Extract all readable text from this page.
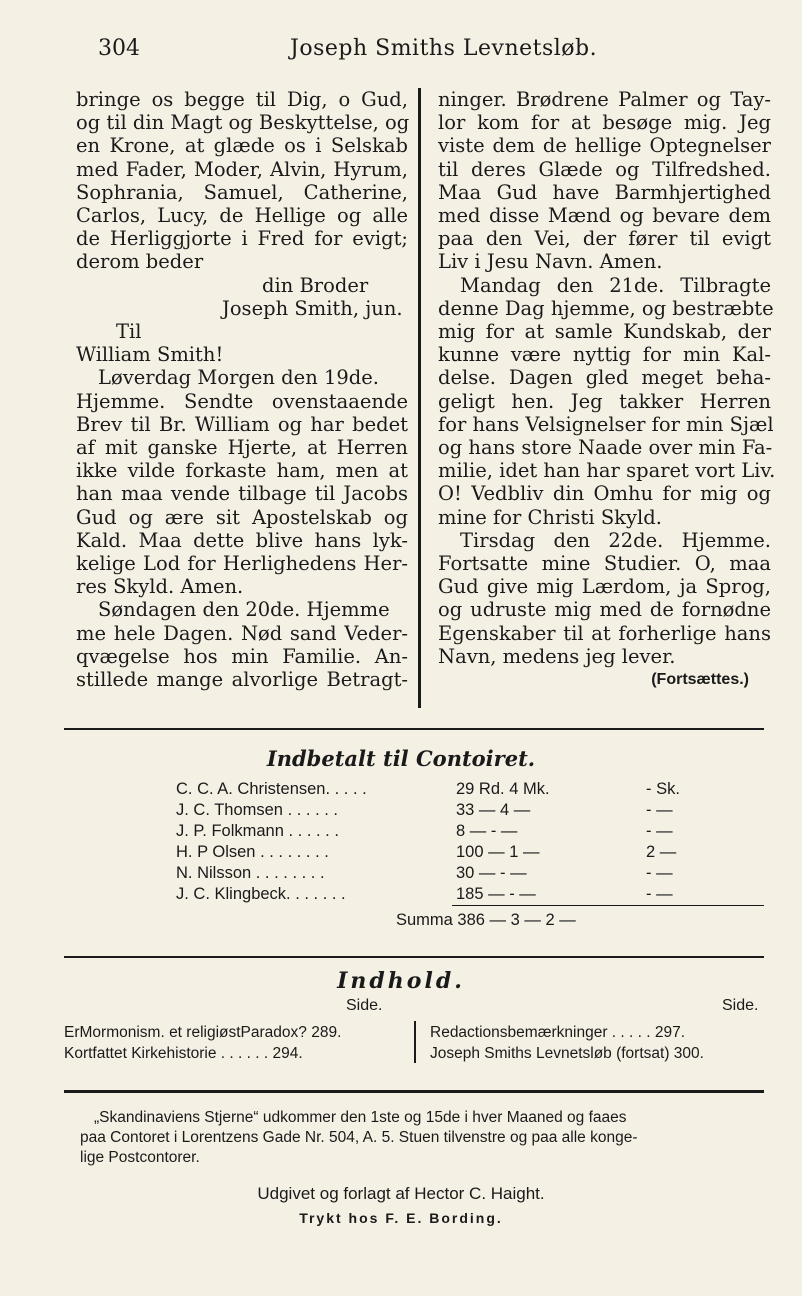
304	Joseph Smiths Levnetsløb.
bringe os begge til Dig, o Gud,
og til din Magt og Beskyttelse, og
en Krone, at glæde os i Selskab
med Fader, Moder, Alvin, Hyrum,
Sophrania, Samuel, Catherine,
Carlos, Lucy, de Hellige og alle
de Herliggjorte i Fred for evigt;
derom beder
din Broder
Joseph Smith, jun.
Til
William Smith!
Løverdag Morgen den 19de.
Hjemme. Sendte ovenstaaende
Brev til Br. William og har bedet
af mit ganske Hjerte, at Herren
ikke vilde forkaste ham, men at
han maa vende tilbage til Jacobs
Gud og ære sit Apostelskab og
Kald. Maa dette blive hans lyk-
kelige Lod for Herlighedens Her-
res Skyld. Amen.
Søndagen den 20de. Hjemme
me hele Dagen. Nød sand Veder-
qvægelse hos min Familie. An-
stillede mange alvorlige Betragt-
ninger. Brødrene Palmer og Tay-
lor kom for at besøge mig. Jeg
viste dem de hellige Optegnelser
til deres Glæde og Tilfredshed.
Maa Gud have Barmhjertighed
med disse Mænd og bevare dem
paa den Vei, der fører til evigt
Liv i Jesu Navn. Amen.
Mandag den 21de. Tilbragte
denne Dag hjemme, og bestræbte
mig for at samle Kundskab, der
kunne være nyttig for min Kal-
delse. Dagen gled meget beha-
geligt hen. Jeg takker Herren
for hans Velsignelser for min Sjæl
og hans store Naade over min Fa-
milie, idet han har sparet vort Liv.
O! Vedbliv din Omhu for mig og
mine for Christi Skyld.
Tirsdag den 22de. Hjemme.
Fortsatte mine Studier. O, maa
Gud give mig Lærdom, ja Sprog,
og udruste mig med de fornødne
Egenskaber til at forherlige hans
Navn, medens jeg lever.
(Fortsættes.)
Indbetalt til Contoiret.
C. C. A. Christensen. . . . .	29 Rd. 4 Mk.	- Sk.
J. C. Thomsen . . . . . .	33 — 4 —	- —
J. P. Folkmann . . . . . .	8 — - —	- —
H. P Olsen . . . . . . . .	100 — 1 —	2 —
N. Nilsson . . . . . . . .	30 — - —	- —
J. C. Klingbeck. . . . . . .	185 — - —	- —
Summa 386 — 3 — 2 —
Indhold.
Side.	Side.
ErMormonism. et religiøstParadox? 289.
Kortfattet Kirkehistorie . . . . . . 294.
Redactionsbemærkninger . . . . . 297.
Joseph Smiths Levnetsløb (fortsat) 300.
„Skandinaviens Stjerne“ udkommer den 1ste og 15de i hver Maaned og faaes
paa Contoret i Lorentzens Gade Nr. 504, A. 5. Stuen tilvenstre og paa alle konge-
lige Postcontorer.
Udgivet og forlagt af Hector C. Haight.
Trykt hos F. E. Bording.
